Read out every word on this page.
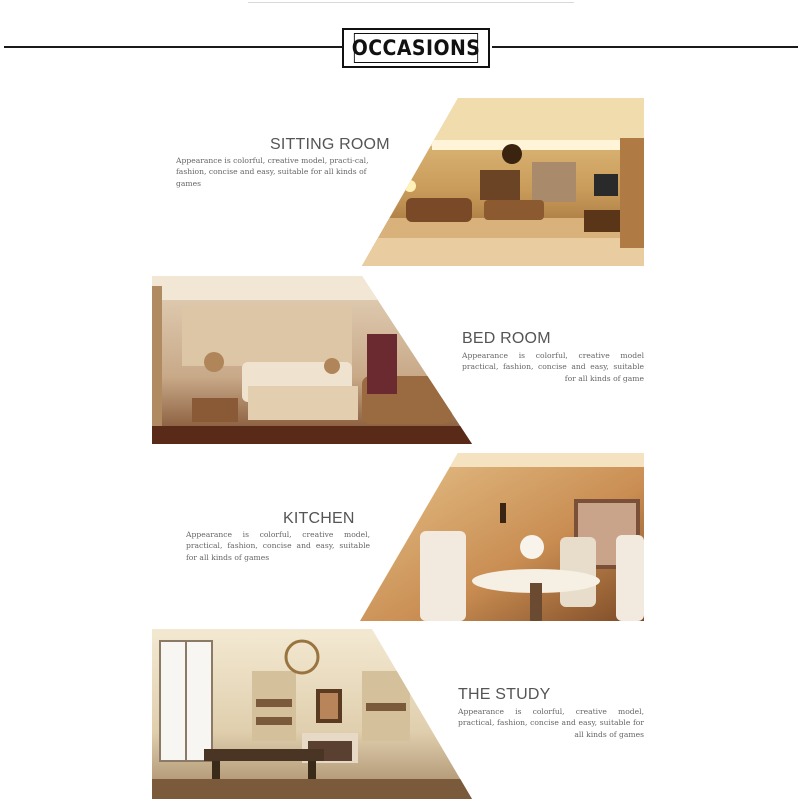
OCCASIONS
SITTING ROOM
Appearance is colorful, creative model, practi-cal, fashion, concise and easy, suitable for all kinds of games
BED ROOM
Appearance is colorful, creative model practical, fashion, concise and easy, suitable for all kinds of game
KITCHEN
Appearance is colorful, creative model, practical, fashion, concise and easy, suitable for all kinds of games
THE STUDY
Appearance is colorful, creative model, practical, fashion, concise and easy, suitable for all kinds of games
